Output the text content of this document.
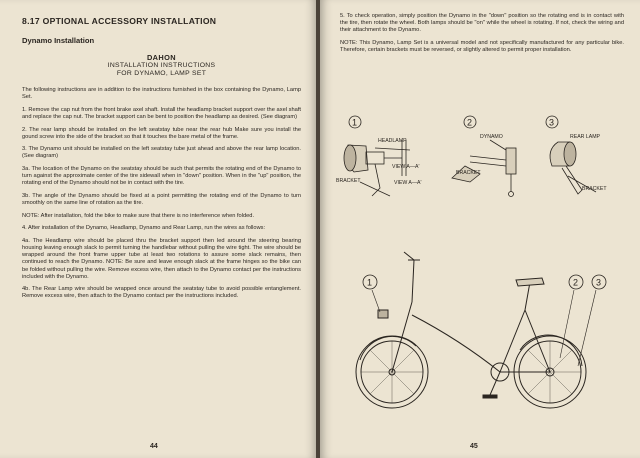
8.17 OPTIONAL ACCESSORY INSTALLATION
Dynamo Installation
DAHON
INSTALLATION INSTRUCTIONS
FOR DYNAMO, LAMP SET

The following instructions are in addition to the instructions furnished in the box containing the Dynamo, Lamp Set.

1. Remove the cap nut from the front brake axel shaft. Install the headlamp bracket support over the axel shaft and replace the cap nut. The bracket support can be bent to position the headlamp as desired. (See diagram)

2. The rear lamp should be installed on the left seatstay tube near the rear hub Make sure you install the gound screw into the side of the bracket so that it touches the bare metal of the frame.

3. The Dynamo unit should be installed on the left seatstay tube just ahead and above the rear lamp location. (See diagram)

3a. The location of the Dynamo on the seatstay should be such that permits the rotating end of the Dynamo to turn against the approximate center of the tire sidewall when in "down" position. When in the "up" position, the rotating end of the Dynamo should not be in contact with the tire.

3b. The angle of the Dynamo should be fixed at a point permitting the rotating end of the Dynamo to turn smoothly on the same line of rotation as the tire.

NOTE: After installation, fold the bike to make sure that there is no interference when folded.

4. After installation of the Dynamo, Headlamp, Dynamo and Rear Lamp, run the wires as follows:

4a. The Headlamp wire should be placed thru the bracket support then led around the steering bearing housing leaving enough slack to permit turning the handlebar without pulling the wire tight. The wire should be wrapped around the front frame upper tube at least two rotations to assure some slack remains, then continued to reach the Dynamo. NOTE: Be sure and leave enough slack at the frame hinges so the bike can be folded without pulling the wire. Remove excess wire, then attach to the Dynamo contact per the instructions included with the Dynamo.

4b. The Rear Lamp wire should be wrapped once around the seatstay tube to avoid possible entanglement. Remove excess wire, then attach to the Dynamo contact per the instructions included.

44

5. To check operation, simply position the Dynamo in the "down" position so the rotating end is in contact with the tire, then rotate the wheel. Both lamps should be "on" while the wheel is rotating. If not, check the wiring and their attachment to the Dynamo.

NOTE: This Dynamo, Lamp Set is a universal model and not specifically manufactured for any particular bike. Therefore, certain brackets must be reversed, or slightly altered to permit proper installation.

1	2	3
1	2 3
HEADLAMP
VIEW A—A'
BRACKET	VIEW A—A'
DYNAMO
BRACKET
REAR LAMP
BRACKET
45
